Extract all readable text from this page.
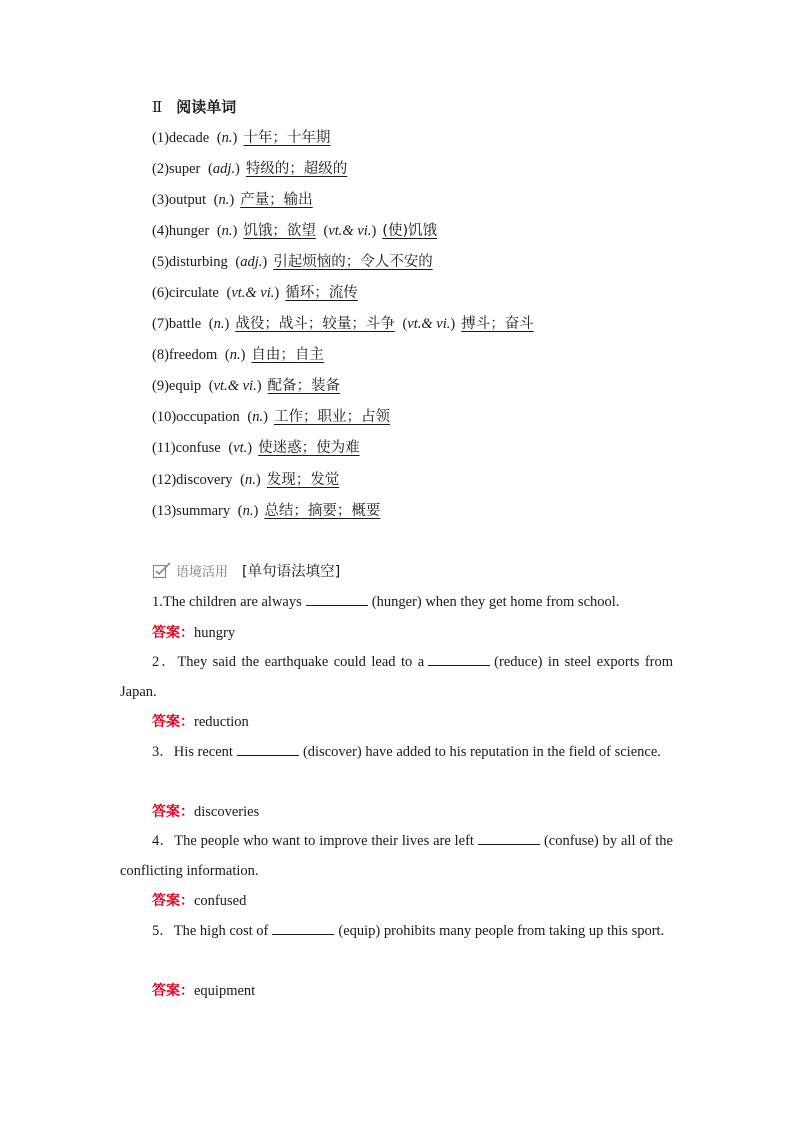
Ⅱ 阅读单词
(1)decade (n.) 十年；十年期
(2)super (adj.) 特级的；超级的
(3)output (n.) 产量；输出
(4)hunger (n.) 饥饿；欲望 (vt.& vi.) (使)饥饿
(5)disturbing (adj.) 引起烦恼的；令人不安的
(6)circulate (vt.& vi.) 循环；流传
(7)battle (n.) 战役；战斗；较量；斗争 (vt.& vi.) 搏斗；奋斗
(8)freedom (n.) 自由；自主
(9)equip (vt.& vi.) 配备；装备
(10)occupation (n.) 工作；职业；占领
(11)confuse (vt.) 使迷惑；使为难
(12)discovery (n.) 发现；发觉
(13)summary (n.) 总结；摘要；概要
语境活用 [单句语法填空]
1.The children are always	(hunger) when they get home from school.
答案：hungry
2．They said the earthquake could lead to a	(reduce) in steel exports from Japan.
答案：reduction
3．His recent	(discover) have added to his reputation in the field of science.
答案：discoveries
4．The people who want to improve their lives are left	(confuse) by all of the conflicting information.
答案：confused
5．The high cost of	(equip) prohibits many people from taking up this sport.
答案：equipment
